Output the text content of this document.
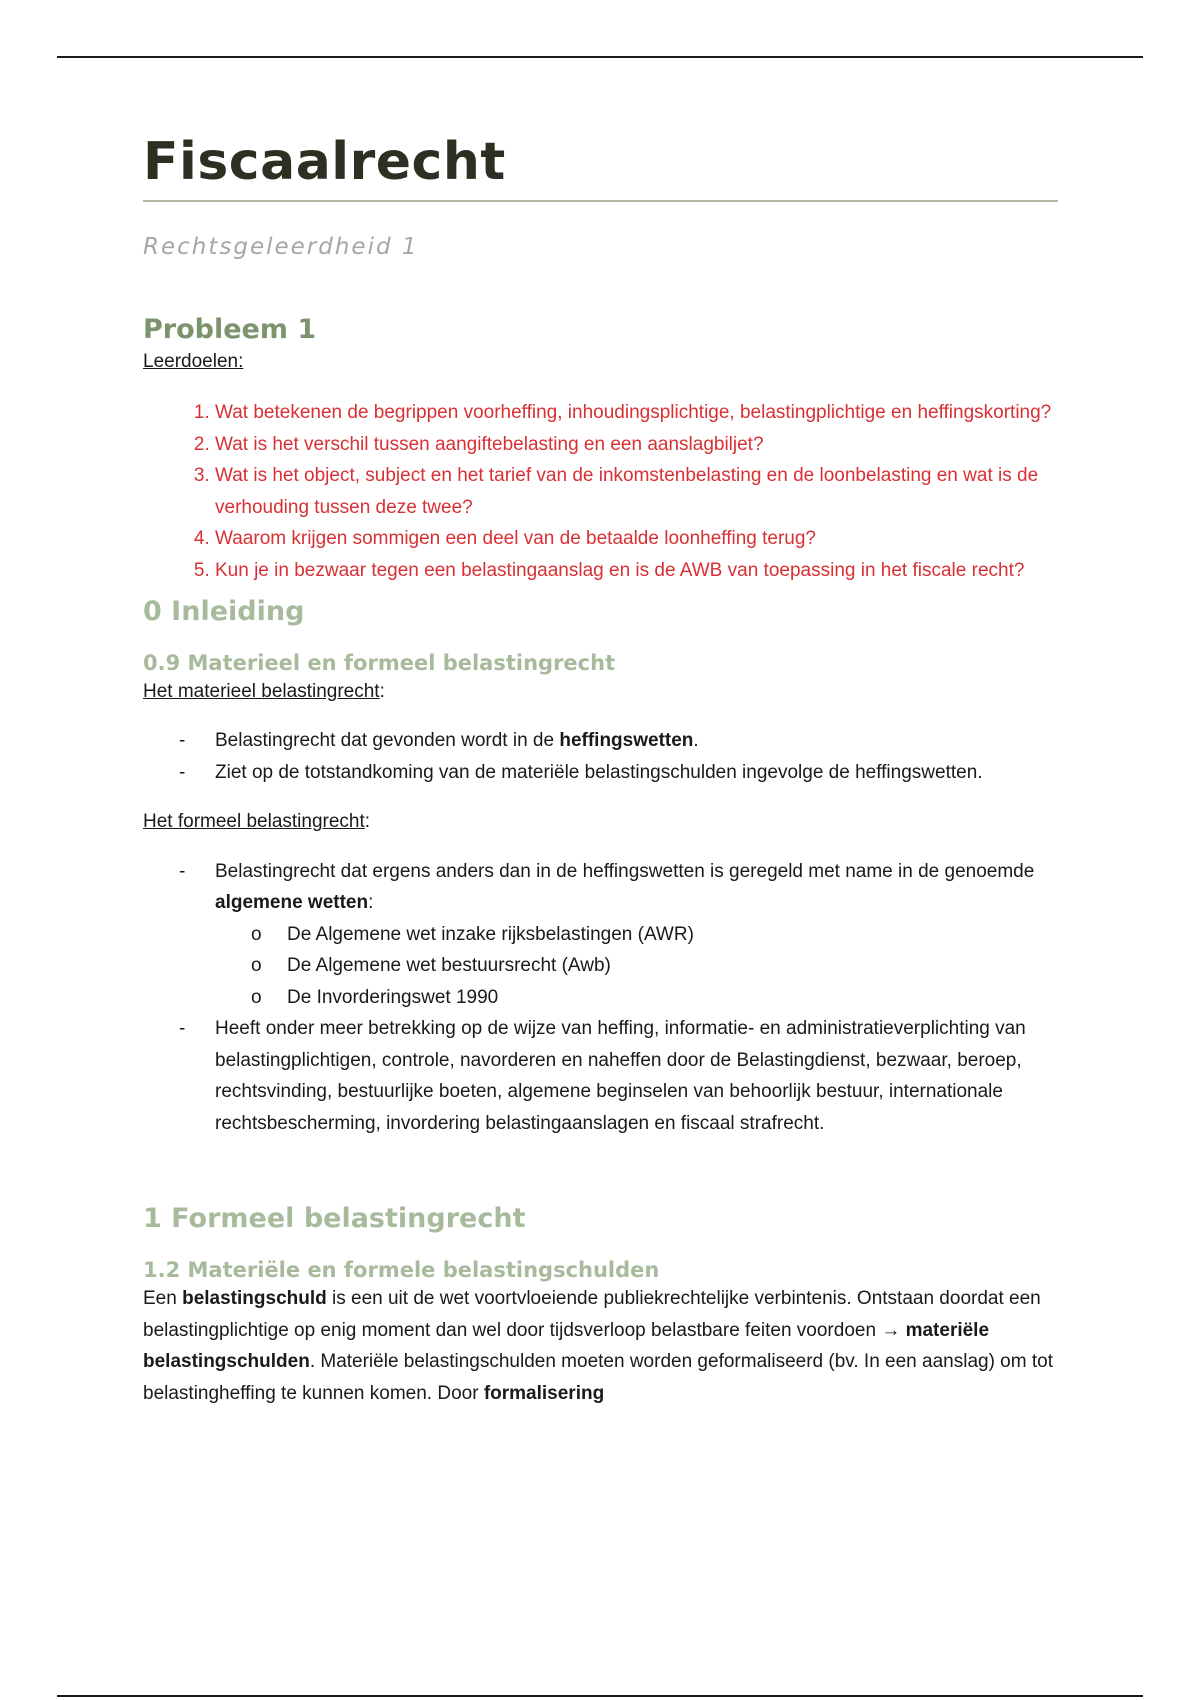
Fiscaalrecht

Rechtsgeleerdheid 1

Probleem 1

Leerdoelen:

1. Wat betekenen de begrippen voorheffing, inhoudingsplichtige, belastingplichtige en heffingskorting?
2. Wat is het verschil tussen aangiftebelasting en een aanslagbiljet?
3. Wat is het object, subject en het tarief van de inkomstenbelasting en de loonbelasting en wat is de verhouding tussen deze twee?
4. Waarom krijgen sommigen een deel van de betaalde loonheffing terug?
5. Kun je in bezwaar tegen een belastingaanslag en is de AWB van toepassing in het fiscale recht?
0 Inleiding
0.9 Materieel en formeel belastingrecht

Het materieel belastingrecht:

- Belastingrecht dat gevonden wordt in de heffingswetten.
- Ziet op de totstandkoming van de materiële belastingschulden ingevolge de heffingswetten.

Het formeel belastingrecht:

- Belastingrecht dat ergens anders dan in de heffingswetten is geregeld met name in de genoemde algemene wetten:
o De Algemene wet inzake rijksbelastingen (AWR)
o De Algemene wet bestuursrecht (Awb)
o De Invorderingswet 1990
- Heeft onder meer betrekking op de wijze van heffing, informatie- en administratieverplichting van belastingplichtigen, controle, navorderen en naheffen door de Belastingdienst, bezwaar, beroep, rechtsvinding, bestuurlijke boeten, algemene beginselen van behoorlijk bestuur, internationale rechtsbescherming, invordering belastingaanslagen en fiscaal strafrecht.
1 Formeel belastingrecht
1.2 Materiële en formele belastingschulden

Een belastingschuld is een uit de wet voortvloeiende publiekrechtelijke verbintenis. Ontstaan doordat een belastingplichtige op enig moment dan wel door tijdsverloop belastbare feiten voordoen → materiële belastingschulden. Materiële belastingschulden moeten worden geformaliseerd (bv. In een aanslag) om tot belastingheffing te kunnen komen. Door formalisering
